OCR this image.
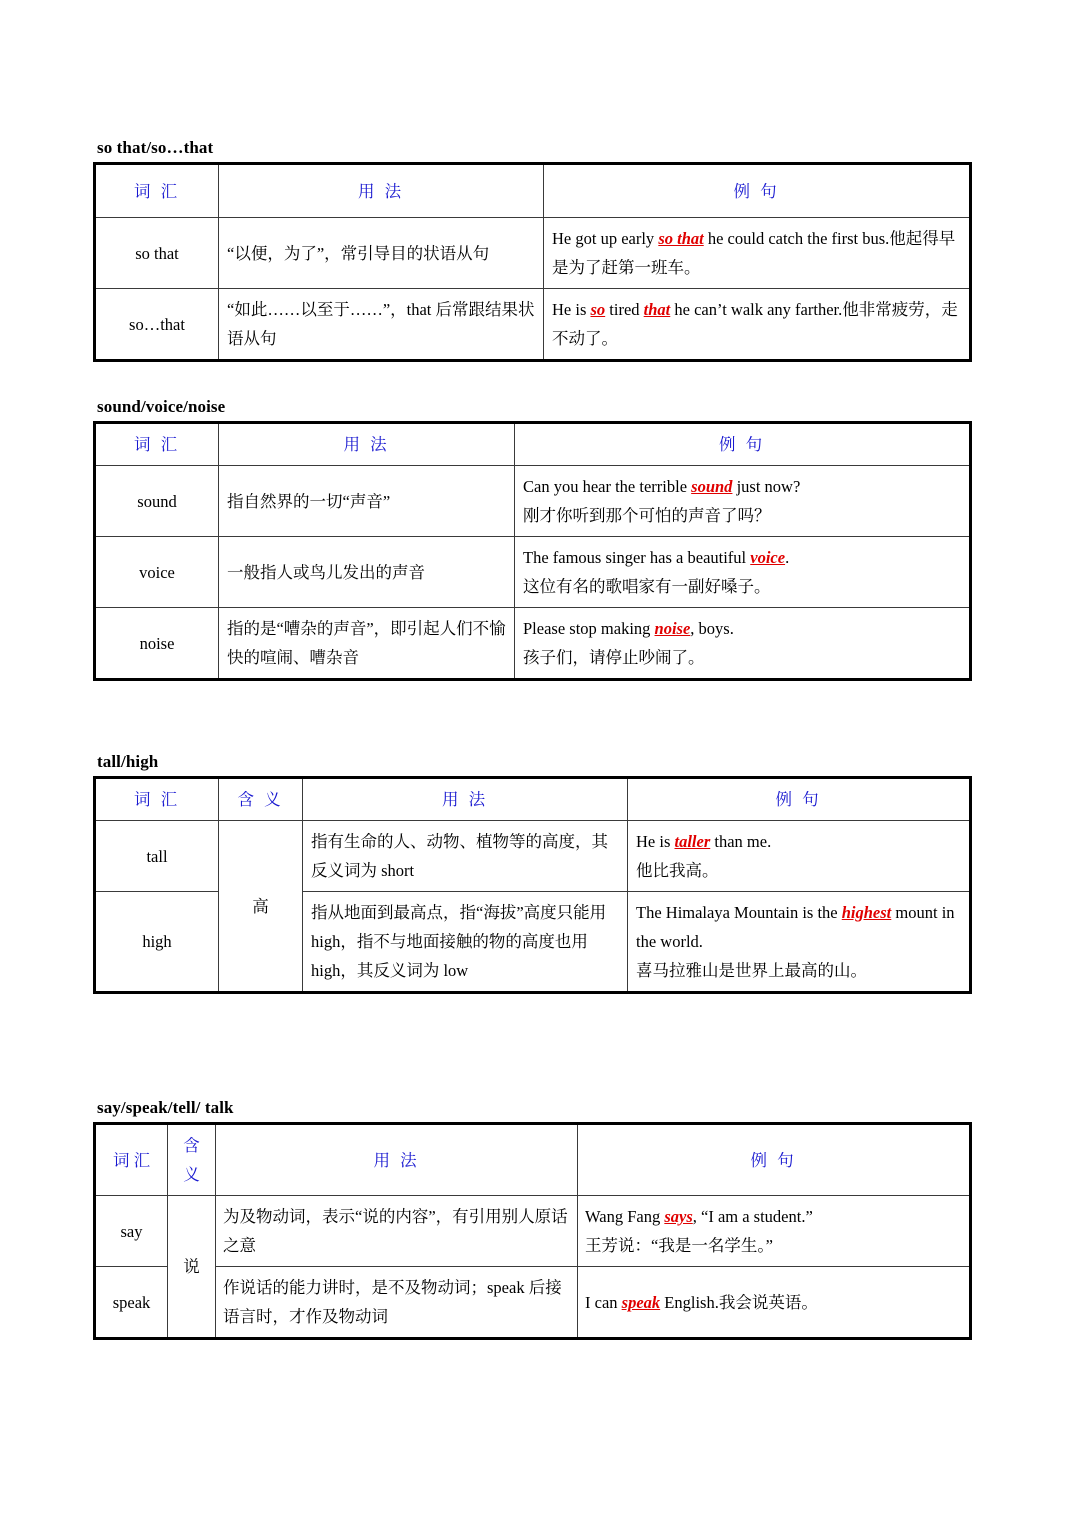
so that/so…that
词 汇	用 法	例 句
so that	“以便，为了”，常引导目的状语从句	He got up early so that he could catch the first bus.他起得早是为了赶第一班车。
so…that	“如此……以至于……”，that 后常跟结果状语从句	He is so tired that he can’t walk any farther.他非常疲劳，走不动了。
sound/voice/noise
词 汇	用 法	例 句
sound	指自然界的一切“声音”	Can you hear the terrible sound just now?
刚才你听到那个可怕的声音了吗？
voice	一般指人或鸟儿发出的声音	The famous singer has a beautiful voice.
这位有名的歌唱家有一副好嗓子。
noise	指的是“嘈杂的声音”，即引起人们不愉快的喧闹、嘈杂音	Please stop making noise, boys.
孩子们，请停止吵闹了。
tall/high
词 汇	含 义	用 法	例 句
tall	高	指有生命的人、动物、植物等的高度，其反义词为 short	He is taller than me.
他比我高。
high		指从地面到最高点，指“海拔”高度只能用 high，指不与地面接触的物的高度也用 high，其反义词为 low	The Himalaya Mountain is the highest mount in the world.
喜马拉雅山是世界上最高的山。
say/speak/tell/ talk
词 汇	含 义	用 法	例 句
say	说	为及物动词，表示“说的内容”，有引用别人原话之意	Wang Fang says, “I am a student.”
王芳说：“我是一名学生。”
speak		作说话的能力讲时，是不及物动词；speak 后接语言时，才作及物动词	I can speak English.我会说英语。
